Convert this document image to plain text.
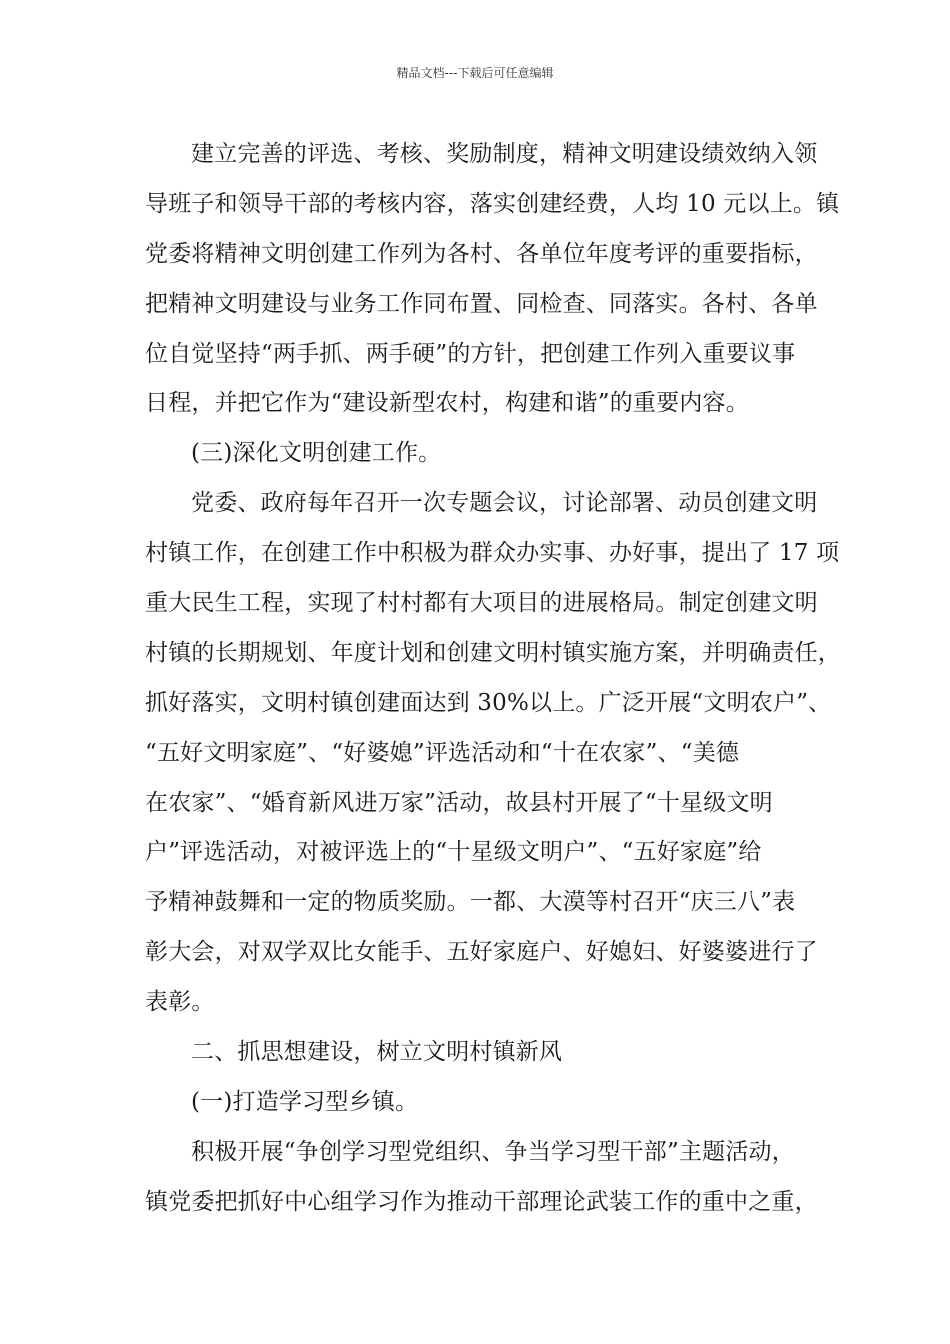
精品文档---下载后可任意编辑
建立完善的评选、考核、奖励制度，精神文明建设绩效纳入领
导班子和领导干部的考核内容，落实创建经费，人均 10 元以上。镇
党委将精神文明创建工作列为各村、各单位年度考评的重要指标，
把精神文明建设与业务工作同布置、同检查、同落实。各村、各单
位自觉坚持“两手抓、两手硬”的方针，把创建工作列入重要议事
日程，并把它作为“建设新型农村，构建和谐”的重要内容。
(三)深化文明创建工作。
党委、政府每年召开一次专题会议，讨论部署、动员创建文明
村镇工作，在创建工作中积极为群众办实事、办好事，提出了 17 项
重大民生工程，实现了村村都有大项目的进展格局。制定创建文明
村镇的长期规划、年度计划和创建文明村镇实施方案，并明确责任，
抓好落实，文明村镇创建面达到 30%以上。广泛开展“文明农户”、
“五好文明家庭”、“好婆媳”评选活动和“十在农家”、“美德
在农家”、“婚育新风进万家”活动，故县村开展了“十星级文明
户”评选活动，对被评选上的“十星级文明户”、“五好家庭”给
予精神鼓舞和一定的物质奖励。一都、大漠等村召开“庆三八”表
彰大会，对双学双比女能手、五好家庭户、好媳妇、好婆婆进行了
表彰。
二、抓思想建设，树立文明村镇新风
(一)打造学习型乡镇。
积极开展“争创学习型党组织、争当学习型干部”主题活动，
镇党委把抓好中心组学习作为推动干部理论武装工作的重中之重，
